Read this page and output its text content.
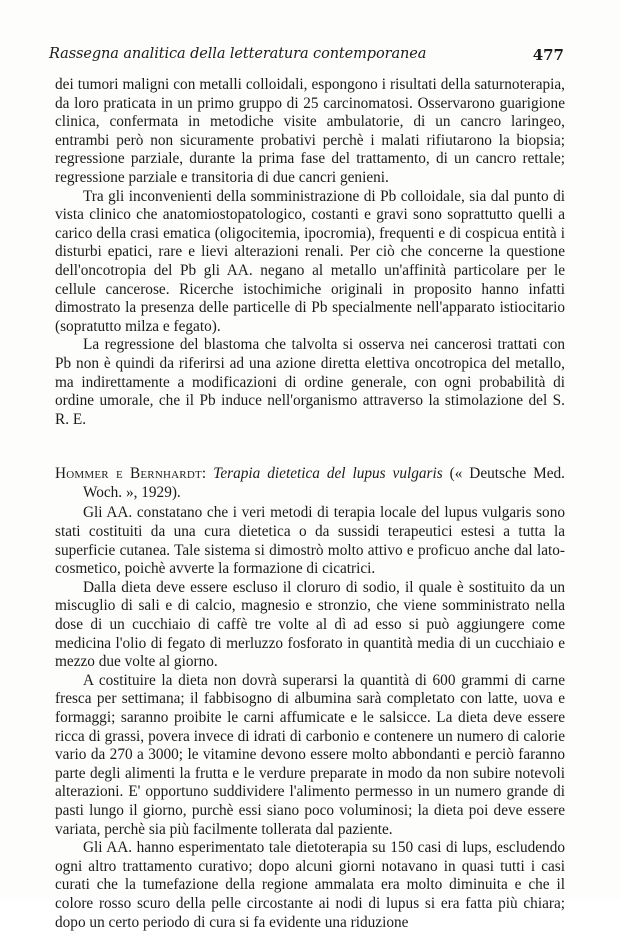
Rassegna analitica della letteratura contemporanea	477

dei tumori maligni con metalli colloidali, espongono i risultati della saturnoterapia, da loro praticata in un primo gruppo di 25 carcinomatosi. Osservarono guarigione clinica, confermata in metodiche visite ambulatorie, di un cancro laringeo, entrambi però non sicuramente probativi perchè i malati rifiutarono la biopsia; regressione parziale, durante la prima fase del trattamento, di un cancro rettale; regressione parziale e transitoria di due cancri genieni.

Tra gli inconvenienti della somministrazione di Pb colloidale, sia dal punto di vista clinico che anatomiostopatologico, costanti e gravi sono soprattutto quelli a carico della crasi ematica (oligocitemia, ipocromia), frequenti e di cospicua entità i disturbi epatici, rare e lievi alterazioni renali. Per ciò che concerne la questione dell'oncotropia del Pb gli AA. negano al metallo un'affinità particolare per le cellule cancerose. Ricerche istochimiche originali in proposito hanno infatti dimostrato la presenza delle particelle di Pb specialmente nell'apparato istiocitario (sopratutto milza e fegato).

La regressione del blastoma che talvolta si osserva nei cancerosi trattati con Pb non è quindi da riferirsi ad una azione diretta elettiva oncotropica del metallo, ma indirettamente a modificazioni di ordine generale, con ogni probabilità di ordine umorale, che il Pb induce nell'organismo attraverso la stimolazione del S. R. E.

Hommer e Bernhardt: Terapia dietetica del lupus vulgaris (« Deutsche Med. Woch. », 1929).

Gli AA. constatano che i veri metodi di terapia locale del lupus vulgaris sono stati costituiti da una cura dietetica o da sussidi terapeutici estesi a tutta la superficie cutanea. Tale sistema si dimostrò molto attivo e proficuo anche dal lato-cosmetico, poichè avverte la formazione di cicatrici.

Dalla dieta deve essere escluso il cloruro di sodio, il quale è sostituito da un miscuglio di sali e di calcio, magnesio e stronzio, che viene somministrato nella dose di un cucchiaio di caffè tre volte al dì ad esso si può aggiungere come medicina l'olio di fegato di merluzzo fosforato in quantità media di un cucchiaio e mezzo due volte al giorno.

A costituire la dieta non dovrà superarsi la quantità di 600 grammi di carne fresca per settimana; il fabbisogno di albumina sarà completato con latte, uova e formaggi; saranno proibite le carni affumicate e le salsicce. La dieta deve essere ricca di grassi, povera invece di idrati di carbonio e contenere un numero di calorie vario da 270 a 3000; le vitamine devono essere molto abbondanti e perciò faranno parte degli alimenti la frutta e le verdure preparate in modo da non subire notevoli alterazioni. E' opportuno suddividere l'alimento permesso in un numero grande di pasti lungo il giorno, purchè essi siano poco voluminosi; la dieta poi deve essere variata, perchè sia più facilmente tollerata dal paziente.

Gli AA. hanno esperimentato tale dietoterapia su 150 casi di lups, escludendo ogni altro trattamento curativo; dopo alcuni giorni notavano in quasi tutti i casi curati che la tumefazione della regione ammalata era molto diminuita e che il colore rosso scuro della pelle circostante ai nodi di lupus si era fatta più chiara; dopo un certo periodo di cura si fa evidente una riduzione
